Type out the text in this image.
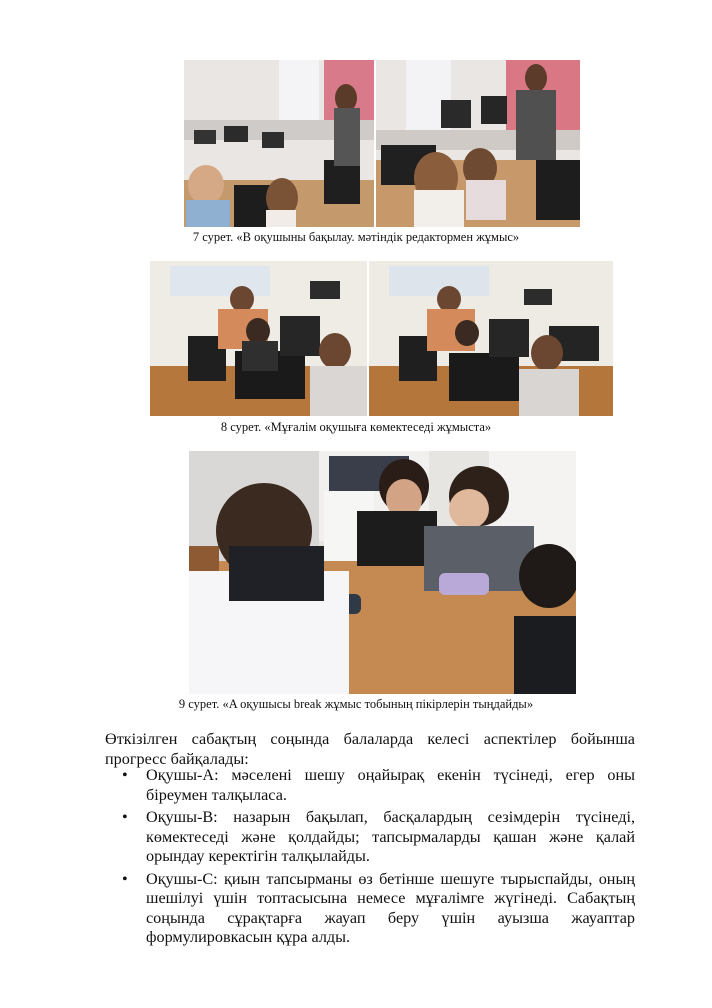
7 сурет. «B оқушыны бақылау. мәтіндік редактормен жұмыс»
8 сурет. «Мұғалім оқушыға көмектеседі жұмыста»
9 сурет. «A оқушысы break жұмыс тобының пікірлерін тыңдайды»

Өткізілген сабақтың соңында балаларда келесі аспектілер бойынша прогресс байқалады:

• Оқушы-A: мәселені шешу оңайырақ екенін түсінеді, егер оны біреумен талқыласа.
• Оқушы-B: назарын бақылап, басқалардың сезімдерін түсінеді, көмектеседі және қолдайды; тапсырмаларды қашан және қалай орындау керектігін талқылайды.
• Оқушы-C: қиын тапсырманы өз бетінше шешуге тырыспайды, оның шешілуі үшін топтасысына немесе мұғалімге жүгінеді. Сабақтың соңында сұрақтарға жауап беру үшін ауызша жауаптар формулировкасын құра алды.
